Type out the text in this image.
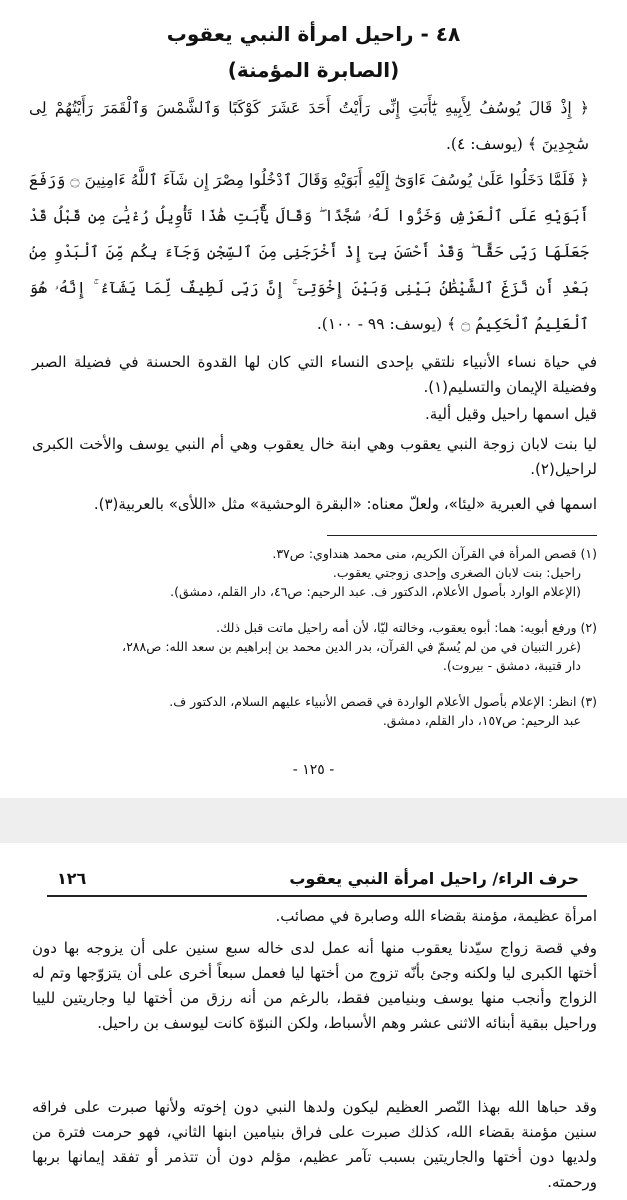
٤٨ - راحيل امرأة النبي يعقوب
(الصابرة المؤمنة)
﴿ إِذْ قَالَ يُوسُفُ لِأَبِيهِ يَٰٓأَبَتِ إِنِّى رَأَيْتُ أَحَدَ عَشَرَ كَوْكَبًا وَٱلشَّمْسَ وَٱلْقَمَرَ رَأَيْتُهُمْ لِى سَٰجِدِينَ ﴾ (يوسف: ٤).
﴿ فَلَمَّا دَخَلُوا عَلَىٰ يُوسُفَ ءَاوَىٰٓ إِلَيْهِ أَبَوَيْهِ وَقَالَ ٱدْخُلُوا مِصْرَ إِن شَآءَ ٱللَّهُ ءَامِنِينَ ۝ وَرَفَعَ أَبَوَيْهِ عَلَى ٱلْعَرْشِ وَخَرُّوا لَهُۥ سُجَّدًا ۖ وَقَالَ يَٰٓأَبَتِ هَٰذَا تَأْوِيلُ رُءْيَٰىَ مِن قَبْلُ قَدْ جَعَلَهَا رَبِّى حَقًّا ۖ وَقَدْ أَحْسَنَ بِىٓ إِذْ أَخْرَجَنِى مِنَ ٱلسِّجْنِ وَجَآءَ بِكُم مِّنَ ٱلْبَدْوِ مِنۢ بَعْدِ أَن نَّزَغَ ٱلشَّيْطَٰنُ بَيْنِى وَبَيْنَ إِخْوَتِىٓ ۚ إِنَّ رَبِّى لَطِيفٌ لِّمَا يَشَآءُ ۚ إِنَّهُۥ هُوَ ٱلْعَلِيمُ ٱلْحَكِيمُ ۝ ﴾ (يوسف: ٩٩ - ١٠٠).
في حياة نساء الأنبياء نلتقي بإحدى النساء التي كان لها القدوة الحسنة في فضيلة الصبر وفضيلة الإيمان والتسليم(١).
قيل اسمها راحيل وقيل ألية.
ليا بنت لابان زوجة النبي يعقوب وهي ابنة خال يعقوب وهي أم النبي يوسف والأخت الكبرى لراحيل(٢).
اسمها في العبرية «ليئا»، ولعلّ معناه: «البقرة الوحشية» مثل «اللأى» بالعربية(٣).
(١) قصص المرأة في القرآن الكريم، منى محمد هنداوي: ص٣٧.
راحيل: بنت لابان الصغرى وإحدى زوجتي يعقوب.
(الإعلام الوارد بأصول الأعلام، الدكتور ف. عبد الرحيم: ص٤٦، دار القلم، دمشق).
(٢) ورفع أبويه: هما: أبوه يعقوب، وخالته ليّا، لأن أمه راحيل ماتت قبل ذلك.
(غرر التبيان في من لم يُسمّ في القرآن، بدر الدين محمد بن إبراهيم بن سعد الله: ص٢٨٨،
دار قتيبة، دمشق - بيروت).
(٣) انظر: الإعلام بأصول الأعلام الواردة في قصص الأنبياء عليهم السلام، الدكتور ف.
عبد الرحيم: ص١٥٧، دار القلم، دمشق.
- ١٢٥ -
حرف الراء/ راحيل امرأة النبي يعقوب
١٢٦
امرأة عظيمة، مؤمنة بقضاء الله وصابرة في مصائب.
وفي قصة زواج سيّدنا يعقوب منها أنه عمل لدى خاله سبع سنين على أن يزوجه بها دون أختها الكبرى ليا ولكنه وجئ بأنّه تزوج من أختها ليا فعمل سبعاً أخرى على أن يتزوّجها وتم له الزواج وأنجب منها يوسف وبنيامين فقط، بالرغم من أنه رزق من أختها ليا وجاريتين للييا وراحيل ببقية أبنائه الاثنى عشر وهم الأسباط، ولكن النبوّة كانت ليوسف بن راحيل.
وقد حباها الله بهذا النّصر العظيم ليكون ولدها النبي دون إخوته ولأنها صبرت على فراقه سنين مؤمنة بقضاء الله، كذلك صبرت على فراق بنيامين ابنها الثاني، فهو حرمت فترة من ولديها دون أختها والجاريتين بسبب تآمر عظيم، مؤلم دون أن تتذمر أو تفقد إيمانها بربها ورحمته.
